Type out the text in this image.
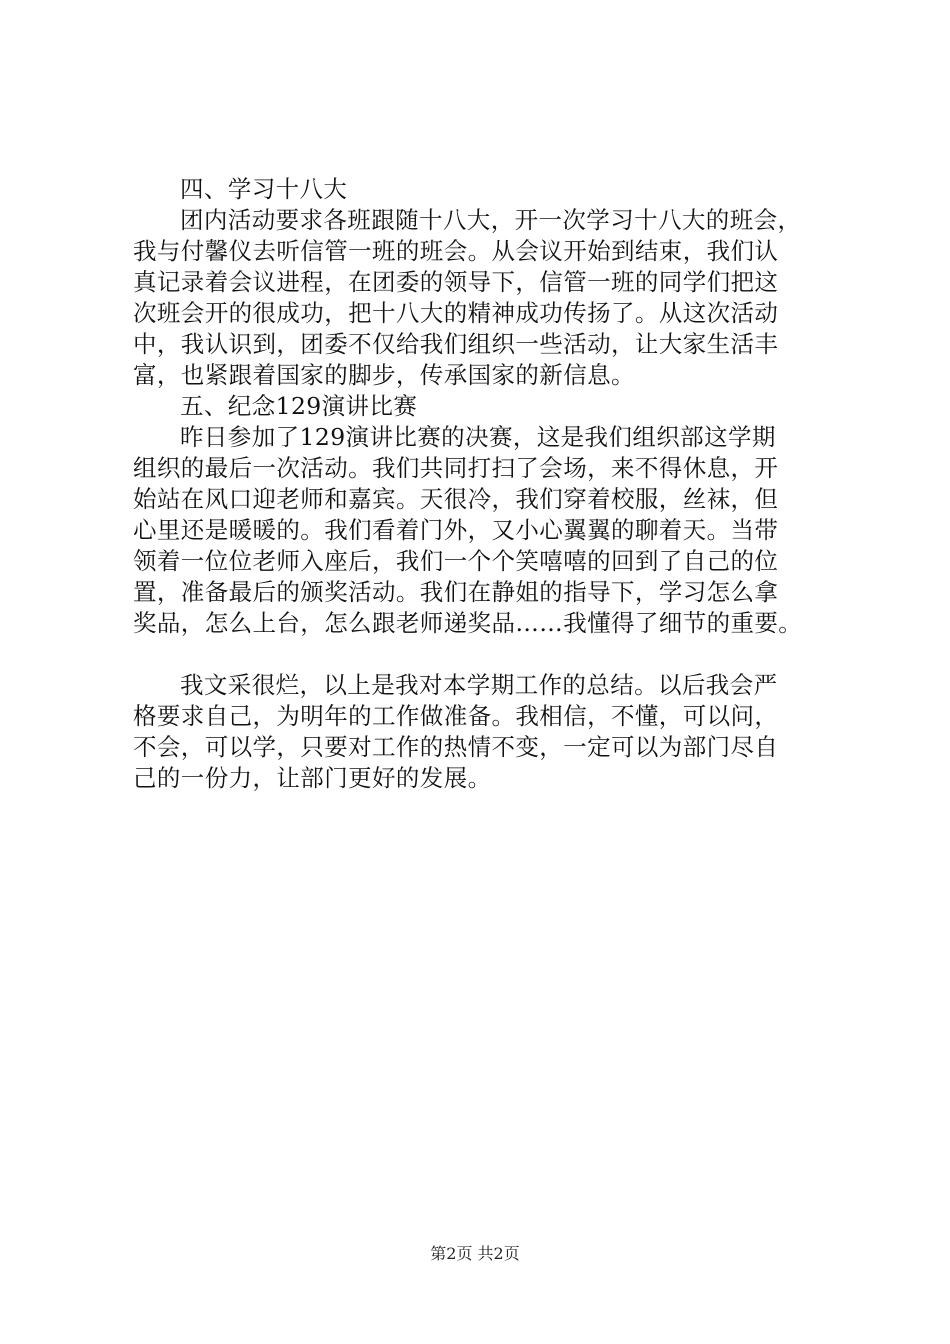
四、学习十八大
团内活动要求各班跟随十八大，开一次学习十八大的班会，
我与付馨仪去听信管一班的班会。从会议开始到结束，我们认
真记录着会议进程，在团委的领导下，信管一班的同学们把这
次班会开的很成功，把十八大的精神成功传扬了。从这次活动
中，我认识到，团委不仅给我们组织一些活动，让大家生活丰
富，也紧跟着国家的脚步，传承国家的新信息。
五、纪念129演讲比赛
昨日参加了129演讲比赛的决赛，这是我们组织部这学期
组织的最后一次活动。我们共同打扫了会场，来不得休息，开
始站在风口迎老师和嘉宾。天很冷，我们穿着校服，丝袜，但
心里还是暖暖的。我们看着门外，又小心翼翼的聊着天。当带
领着一位位老师入座后，我们一个个笑嘻嘻的回到了自己的位
置，准备最后的颁奖活动。我们在静姐的指导下，学习怎么拿
奖品，怎么上台，怎么跟老师递奖品……我懂得了细节的重要。
我文采很烂，以上是我对本学期工作的总结。以后我会严
格要求自己，为明年的工作做准备。我相信，不懂，可以问，
不会，可以学，只要对工作的热情不变，一定可以为部门尽自
己的一份力，让部门更好的发展。
第2页 共2页
